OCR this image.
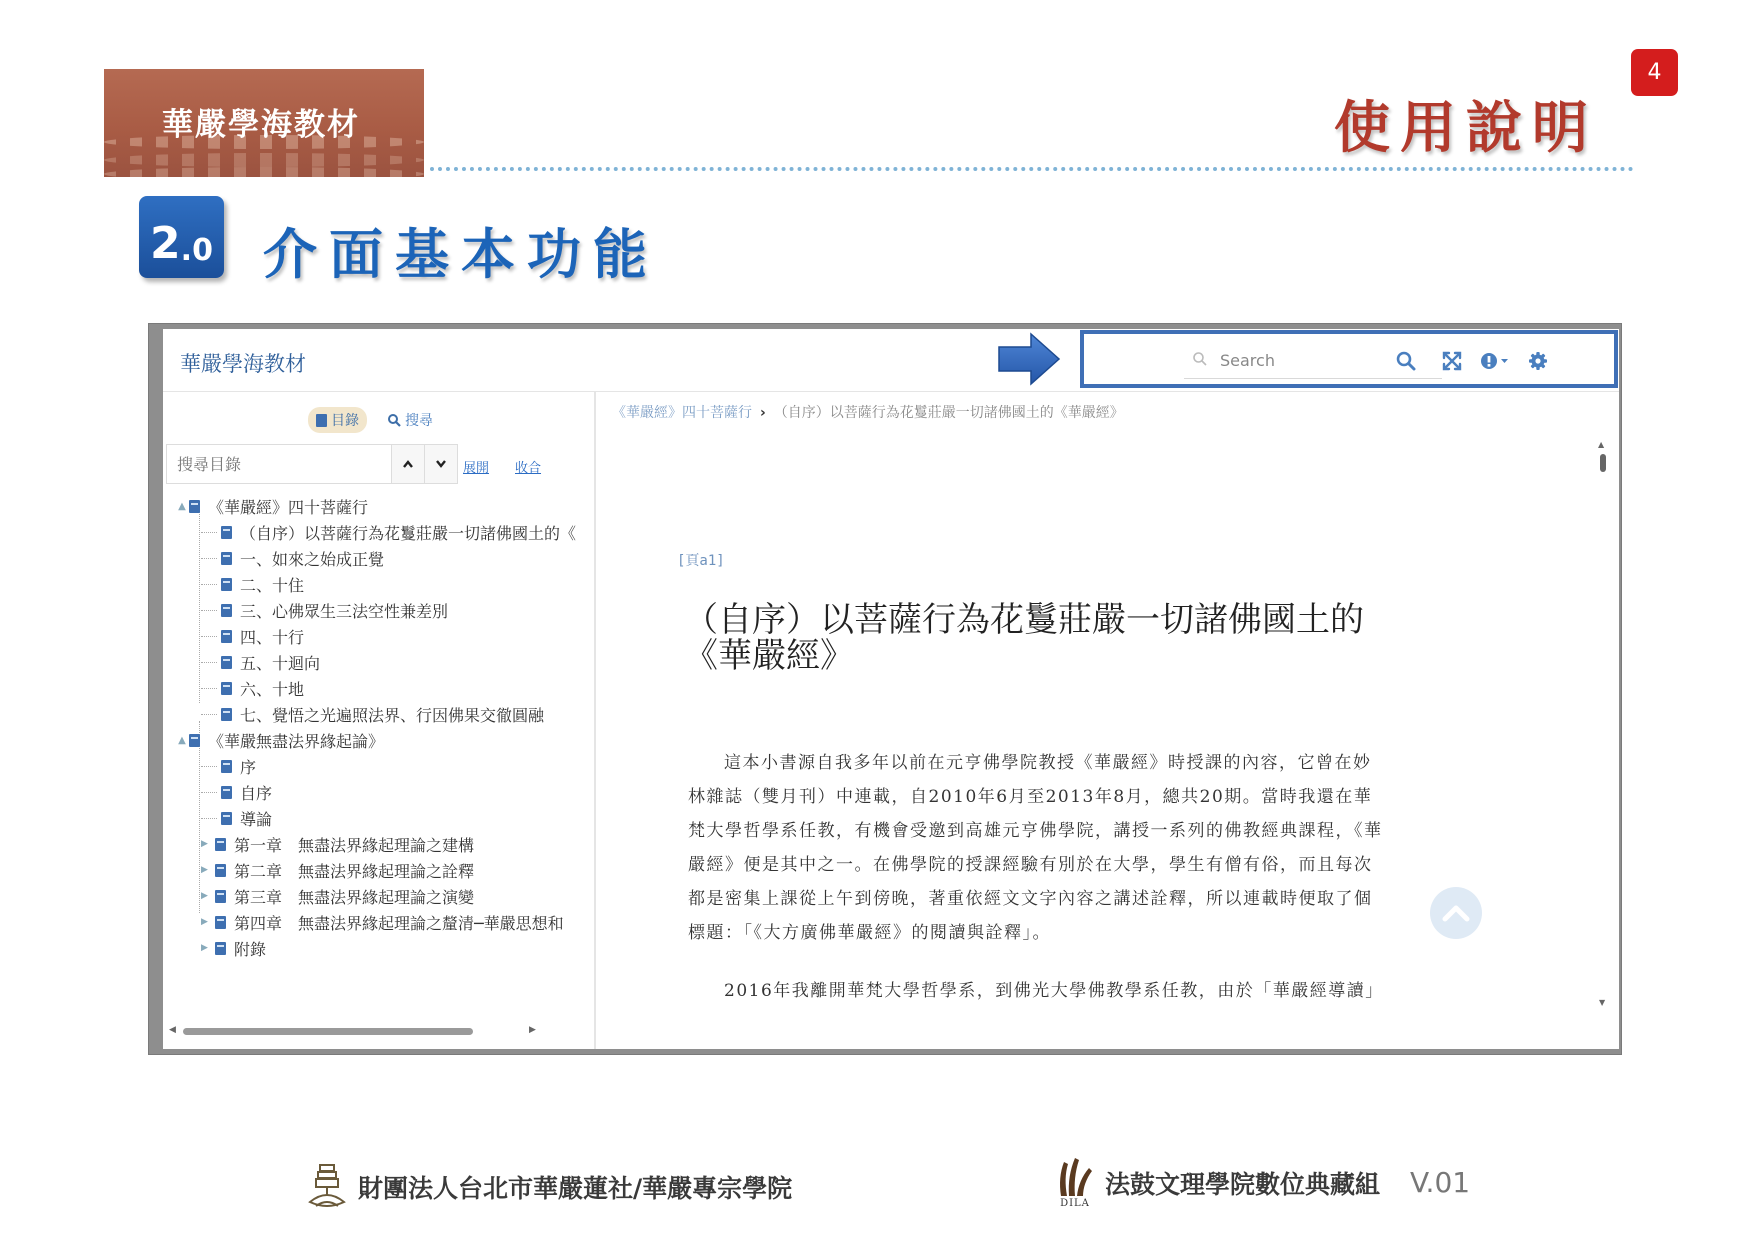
華嚴學海教材	使用說明
4
2 .0 介面基本功能
華嚴學海教材
Search
目錄	搜尋
搜尋目錄
展開 收合
▲ 《華嚴經》四十菩薩行
（自序）以菩薩行為花鬘莊嚴一切諸佛國土的《
一、如來之始成正覺
二、十住
三、心佛眾生三法空性兼差別
四、十行
五、十迴向
六、十地
七、覺悟之光遍照法界、行因佛果交徹圓融
▲ 《華嚴無盡法界緣起論》
序
自序
導論
▶ 第一章　無盡法界緣起理論之建構
▶ 第二章　無盡法界緣起理論之詮釋
▶ 第三章　無盡法界緣起理論之演變
▶ 第四章　無盡法界緣起理論之釐清─華嚴思想和
▶ 附錄
◀	▶
《華嚴經》四十菩薩行 › （自序）以菩薩行為花鬘莊嚴一切諸佛國土的《華嚴經》
[頁a1]
（自序）以菩薩行為花鬘莊嚴一切諸佛國土的《華嚴經》
這本小書源自我多年以前在元亨佛學院教授《華嚴經》時授課的內容，它曾在妙林雜誌（雙月刊）中連載，自2010年6月至2013年8月，總共20期。當時我還在華梵大學哲學系任教，有機會受邀到高雄元亨佛學院，講授一系列的佛教經典課程，《華嚴經》便是其中之一。在佛學院的授課經驗有別於在大學，學生有僧有俗，而且每次都是密集上課從上午到傍晚，著重依經文文字內容之講述詮釋，所以連載時便取了個標題：「《大方廣佛華嚴經》的閱讀與詮釋」。
2016年我離開華梵大學哲學系，到佛光大學佛教學系任教，由於「華嚴經導讀」
▲
▼
財團法人台北市華嚴蓮社/華嚴專宗學院
DILA
法鼓文理學院數位典藏組 V.01
